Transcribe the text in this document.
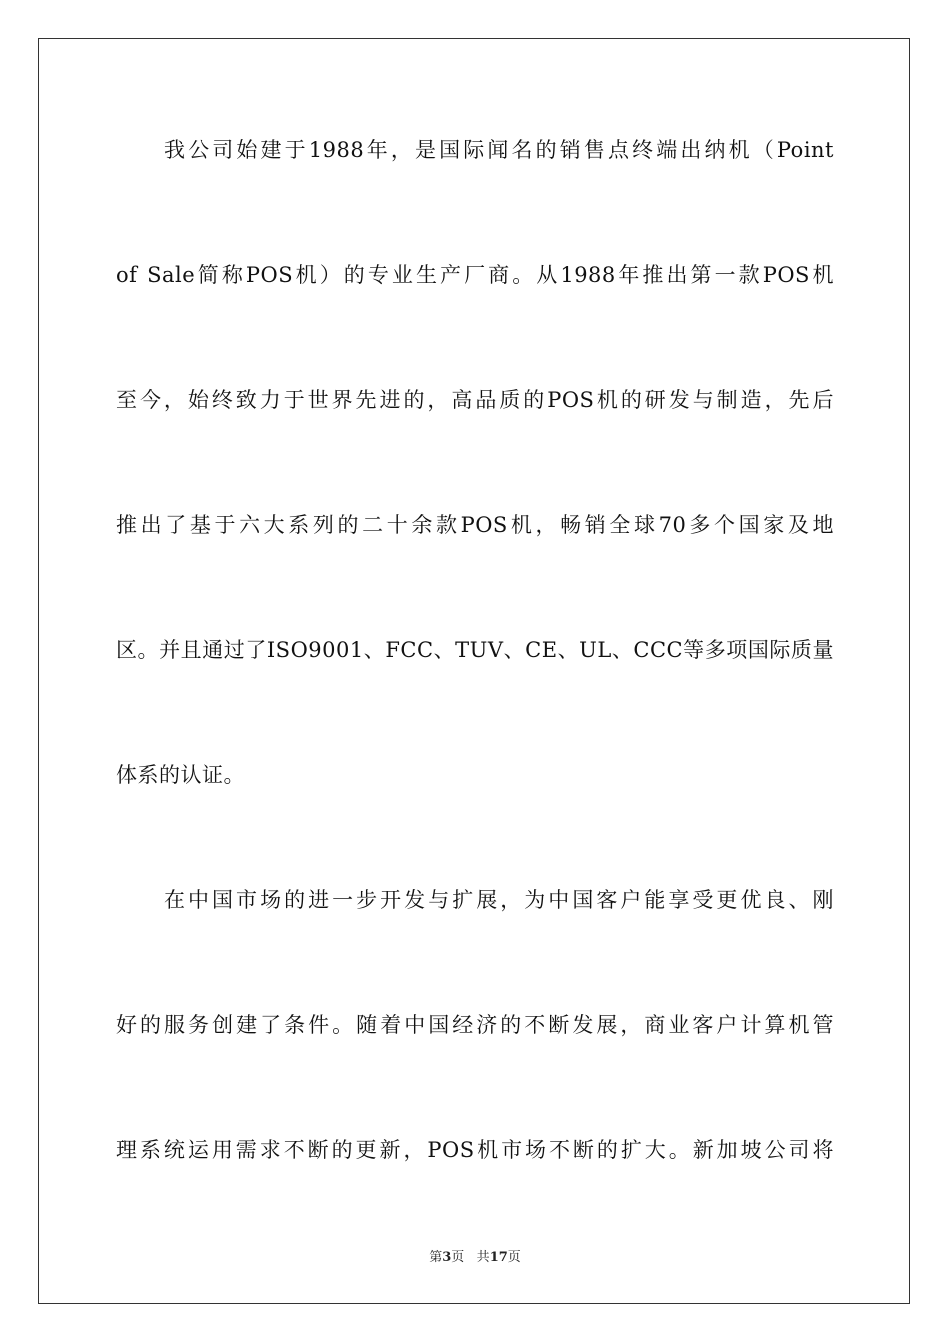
我公司始建于1988年，是国际闻名的销售点终端出纳机（Point
of Sale简称POS机）的专业生产厂商。从1988年推出第一款POS机
至今，始终致力于世界先进的，高品质的POS机的研发与制造，先后
推出了基于六大系列的二十余款POS机，畅销全球70多个国家及地
区。并且通过了ISO9001、FCC、TUV、CE、UL、CCC等多项国际质量
体系的认证。
在中国市场的进一步开发与扩展，为中国客户能享受更优良、刚
好的服务创建了条件。随着中国经济的不断发展，商业客户计算机管
理系统运用需求不断的更新，POS机市场不断的扩大。新加坡公司将
第3页 共17页
